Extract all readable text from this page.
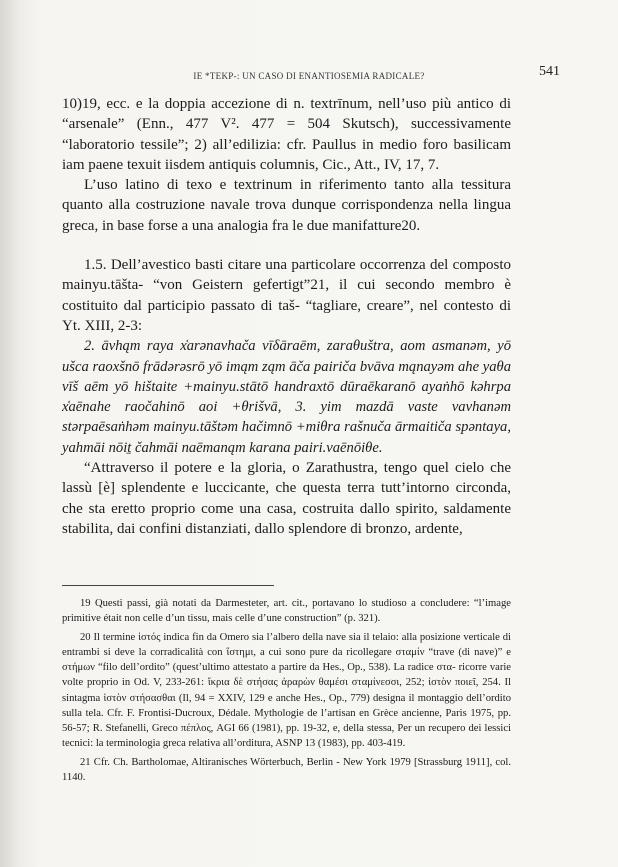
IE *TEKP-: UN CASO DI ENANTIOSEMIA RADICALE?	541

10)19, ecc. e la doppia accezione di n. textrīnum, nell’uso più antico di “arsenale” (Enn., 477 V². 477 = 504 Skutsch), successivamente “laboratorio tessile”; 2) all’edilizia: cfr. Paullus in medio foro basilicam iam paene texuit iisdem antiquis columnis, Cic., Att., IV, 17, 7.

L’uso latino di texo e textrinum in riferimento tanto alla tessitura quanto alla costruzione navale trova dunque corrispondenza nella lingua greca, in base forse a una analogia fra le due manifatture20.

1.5. Dell’avestico basti citare una particolare occorrenza del composto mainyu.tāšta- “von Geistern gefertigt”21, il cui secondo membro è costituito dal participio passato di taš- “tagliare, creare”, nel contesto di Yt. XIII, 2-3:

2. āvhąm raya x᷾arənavhača vīδāraēm, zaraθuštra, aom asmanəm, yō ušca raoxšnō frādərəsrō yō imąm ząm āča pairiča bvāva mąnayəm ahe yaθa vīš aēm yō hištaite +mainyu.stātō handraxtō dūraēkaranō ayaṅhō kəhrpa x᷾aēnahe raočahinō aoi +θrišvā, 3. yim mazdā vaste vavhanəm stərpaēsaṅhəm mainyu.tāštəm hačimnō +miθra rašnuča ārmaitiča spəntaya, yahmāi nōiṯ čahmāi naēmanąm karana pairi.vaēnōiθe.

“Attraverso il potere e la gloria, o Zarathustra, tengo quel cielo che lassù [è] splendente e luccicante, che questa terra tutt’intorno circonda, che sta eretto proprio come una casa, costruita dallo spirito, saldamente stabilita, dai confini distanziati, dallo splendore di bronzo, ardente,

19 Questi passi, già notati da Darmesteter, art. cit., portavano lo studioso a concludere: “l’image primitive était non celle d’un tissu, mais celle d’une construction” (p. 321).

20 Il termine ἱστός indica fin da Omero sia l’albero della nave sia il telaio: alla posizione verticale di entrambi si deve la corradicalità con ἵστημι, a cui sono pure da ricollegare σταμίν “trave (di nave)” e στήμων “filo dell’ordito” (quest’ultimo attestato a partire da Hes., Op., 538). La radice στα- ricorre varie volte proprio in Od. V, 233-261: ἴκρια δὲ στήσας ἀραρὼν θαμέσι σταμίνεσσι, 252; ἱστὸν ποιεῖ, 254. Il sintagma ἱστὸν στήσασθαι (Il, 94 = XXIV, 129 e anche Hes., Op., 779) designa il montaggio dell’ordito sulla tela. Cfr. F. Frontisi-Ducroux, Dédale. Mythologie de l’artisan en Grèce ancienne, Paris 1975, pp. 56-57; R. Stefanelli, Greco πέπλος, AGI 66 (1981), pp. 19-32, e, della stessa, Per un recupero dei lessici tecnici: la terminologia greca relativa all’orditura, ASNP 13 (1983), pp. 403-419.

21 Cfr. Ch. Bartholomae, Altiranisches Wörterbuch, Berlin - New York 1979 [Strassburg 1911], col. 1140.
